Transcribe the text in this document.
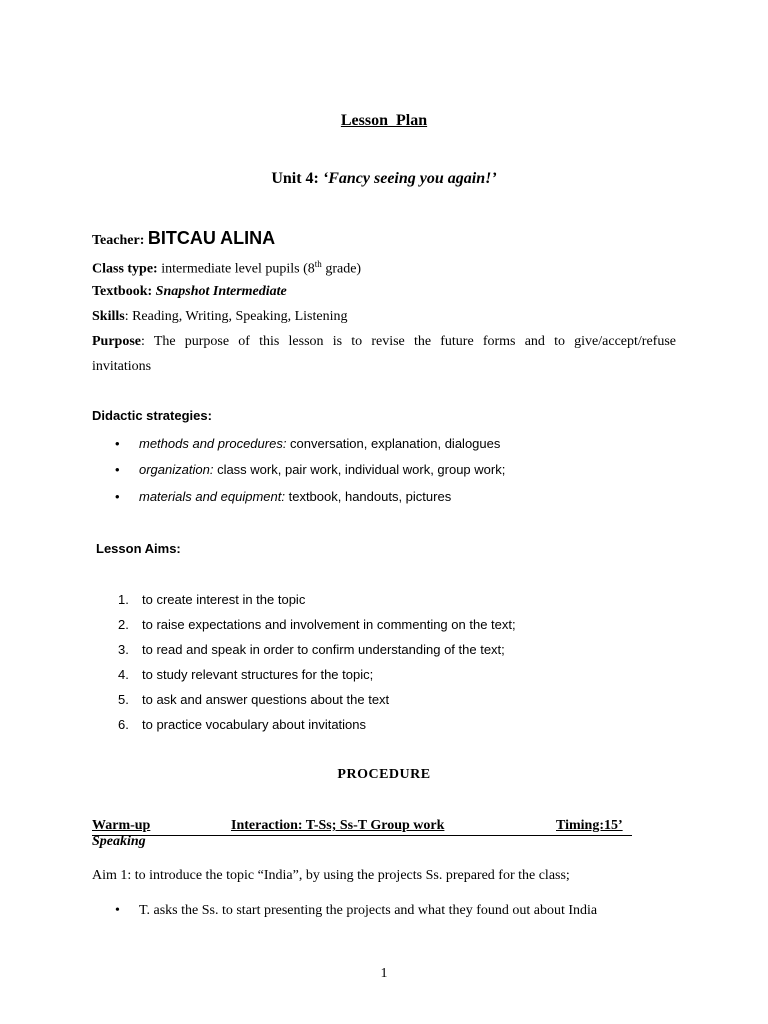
Lesson  Plan
Unit 4: ‘Fancy seeing you again!’
Teacher: BITCAU ALINA
Class type: intermediate level pupils (8th grade)
Textbook: Snapshot Intermediate
Skills: Reading, Writing, Speaking, Listening
Purpose: The purpose of this lesson is to revise the future forms and to give/accept/refuse
invitations
Didactic strategies:
• methods and procedures: conversation, explanation, dialogues
• organization: class work, pair work, individual work, group work;
• materials and equipment: textbook, handouts, pictures
Lesson Aims:
1. to create interest in the topic
2. to raise expectations and involvement in commenting on the text;
3. to read and speak in order to confirm understanding of the text;
4. to study relevant structures for the topic;
5. to ask and answer questions about the text
6. to practice vocabulary about invitations
PROCEDURE
Warm-up	Interaction: T-Ss; Ss-T Group work	Timing:15’
Speaking
Aim 1: to introduce the topic “India”, by using the projects Ss. prepared for the class;
• T. asks the Ss. to start presenting the projects and what they found out about India
1
